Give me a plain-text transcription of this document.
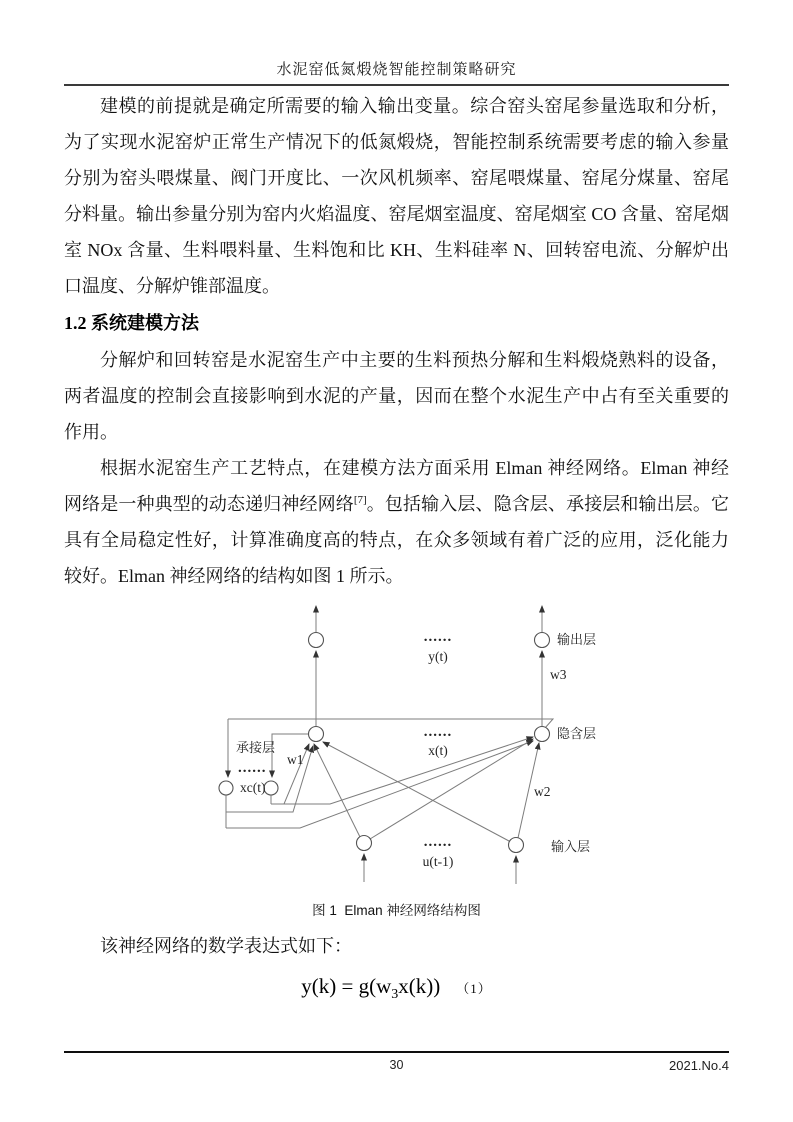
水泥窑低氮煅烧智能控制策略研究

建模的前提就是确定所需要的输入输出变量。综合窑头窑尾参量选取和分析，为了实现水泥窑炉正常生产情况下的低氮煅烧，智能控制系统需要考虑的输入参量分别为窑头喂煤量、阀门开度比、一次风机频率、窑尾喂煤量、窑尾分煤量、窑尾分料量。输出参量分别为窑内火焰温度、窑尾烟室温度、窑尾烟室 CO 含量、窑尾烟室 NOx 含量、生料喂料量、生料饱和比 KH、生料硅率 N、回转窑电流、分解炉出口温度、分解炉锥部温度。

1.2 系统建模方法

分解炉和回转窑是水泥窑生产中主要的生料预热分解和生料煅烧熟料的设备，两者温度的控制会直接影响到水泥的产量，因而在整个水泥生产中占有至关重要的作用。

根据水泥窑生产工艺特点，在建模方法方面采用 Elman 神经网络。Elman 神经网络是一种典型的动态递归神经网络[7]。包括输入层、隐含层、承接层和输出层。它具有全局稳定性好，计算准确度高的特点，在众多领域有着广泛的应用，泛化能力较好。Elman 神经网络的结构如图 1 所示。

......
y(t)
输出层
w3
......
x(t)
隐含层
承接层
......
xc(t)
w1
w2
......
u(t-1)
输入层
图 1  Elman 神经网络结构图

该神经网络的数学表达式如下：

$y(k) = g(w_3x(k))$ （1）
30	2021.No.4
